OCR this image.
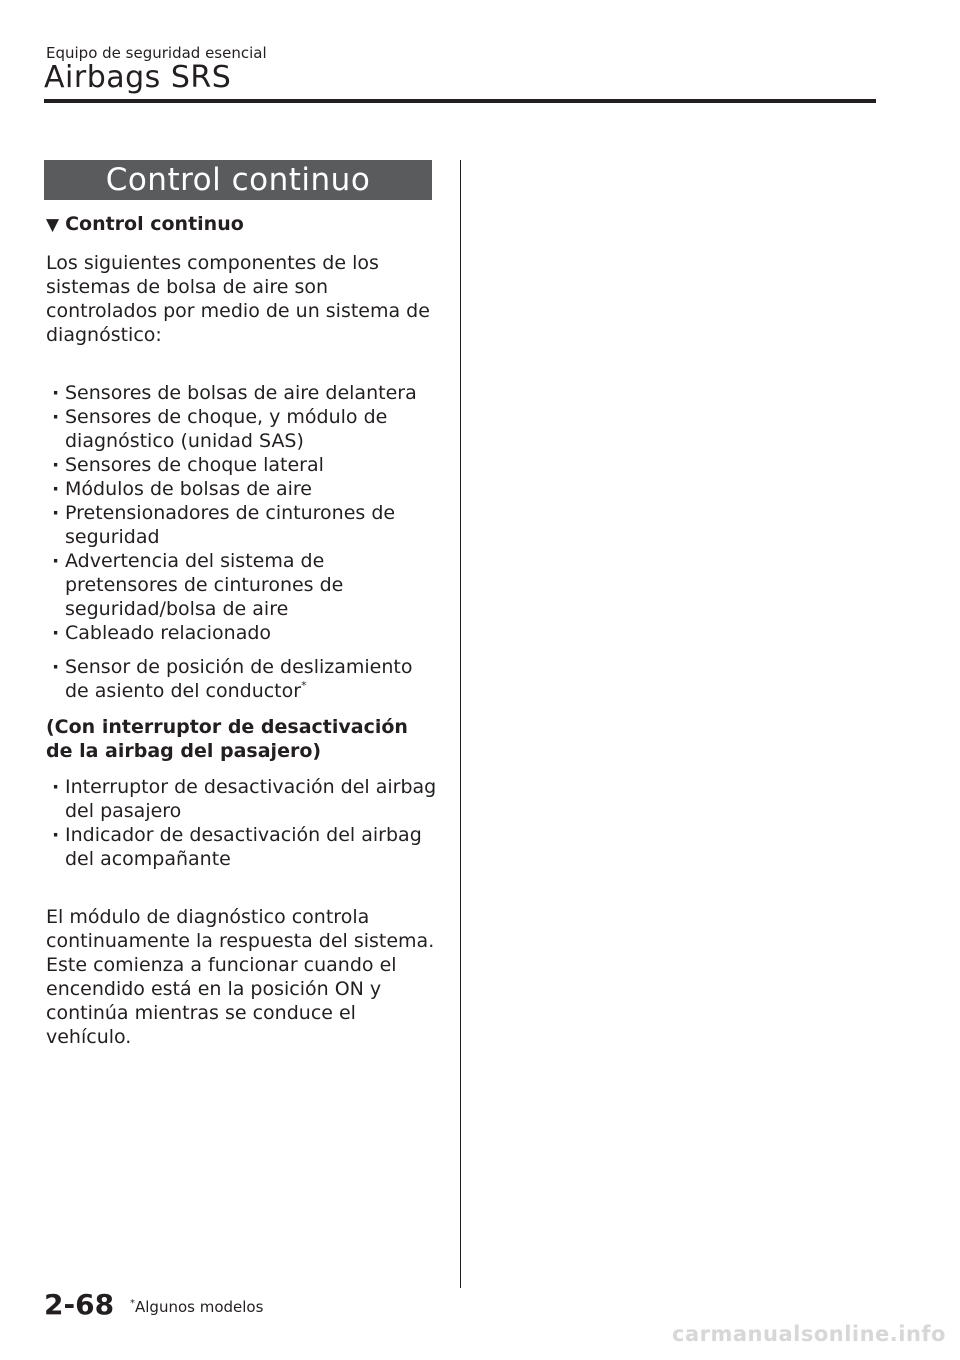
Equipo de seguridad esencial
Airbags SRS
Control continuo

▼ Control continuo

Los siguientes componentes de los sistemas de bolsa de aire son controlados por medio de un sistema de diagnóstico:

· Sensores de bolsas de aire delantera
· Sensores de choque, y módulo de diagnóstico (unidad SAS)
· Sensores de choque lateral
· Módulos de bolsas de aire
· Pretensionadores de cinturones de seguridad
· Advertencia del sistema de pretensores de cinturones de seguridad/bolsa de aire
· Cableado relacionado
· Sensor de posición de deslizamiento de asiento del conductor*

(Con interruptor de desactivación de la airbag del pasajero)

· Interruptor de desactivación del airbag del pasajero
· Indicador de desactivación del airbag del acompañante

El módulo de diagnóstico controla continuamente la respuesta del sistema. Este comienza a funcionar cuando el encendido está en la posición ON y continúa mientras se conduce el vehículo.

2-68 *Algunos modelos
carmanualsonline.info
